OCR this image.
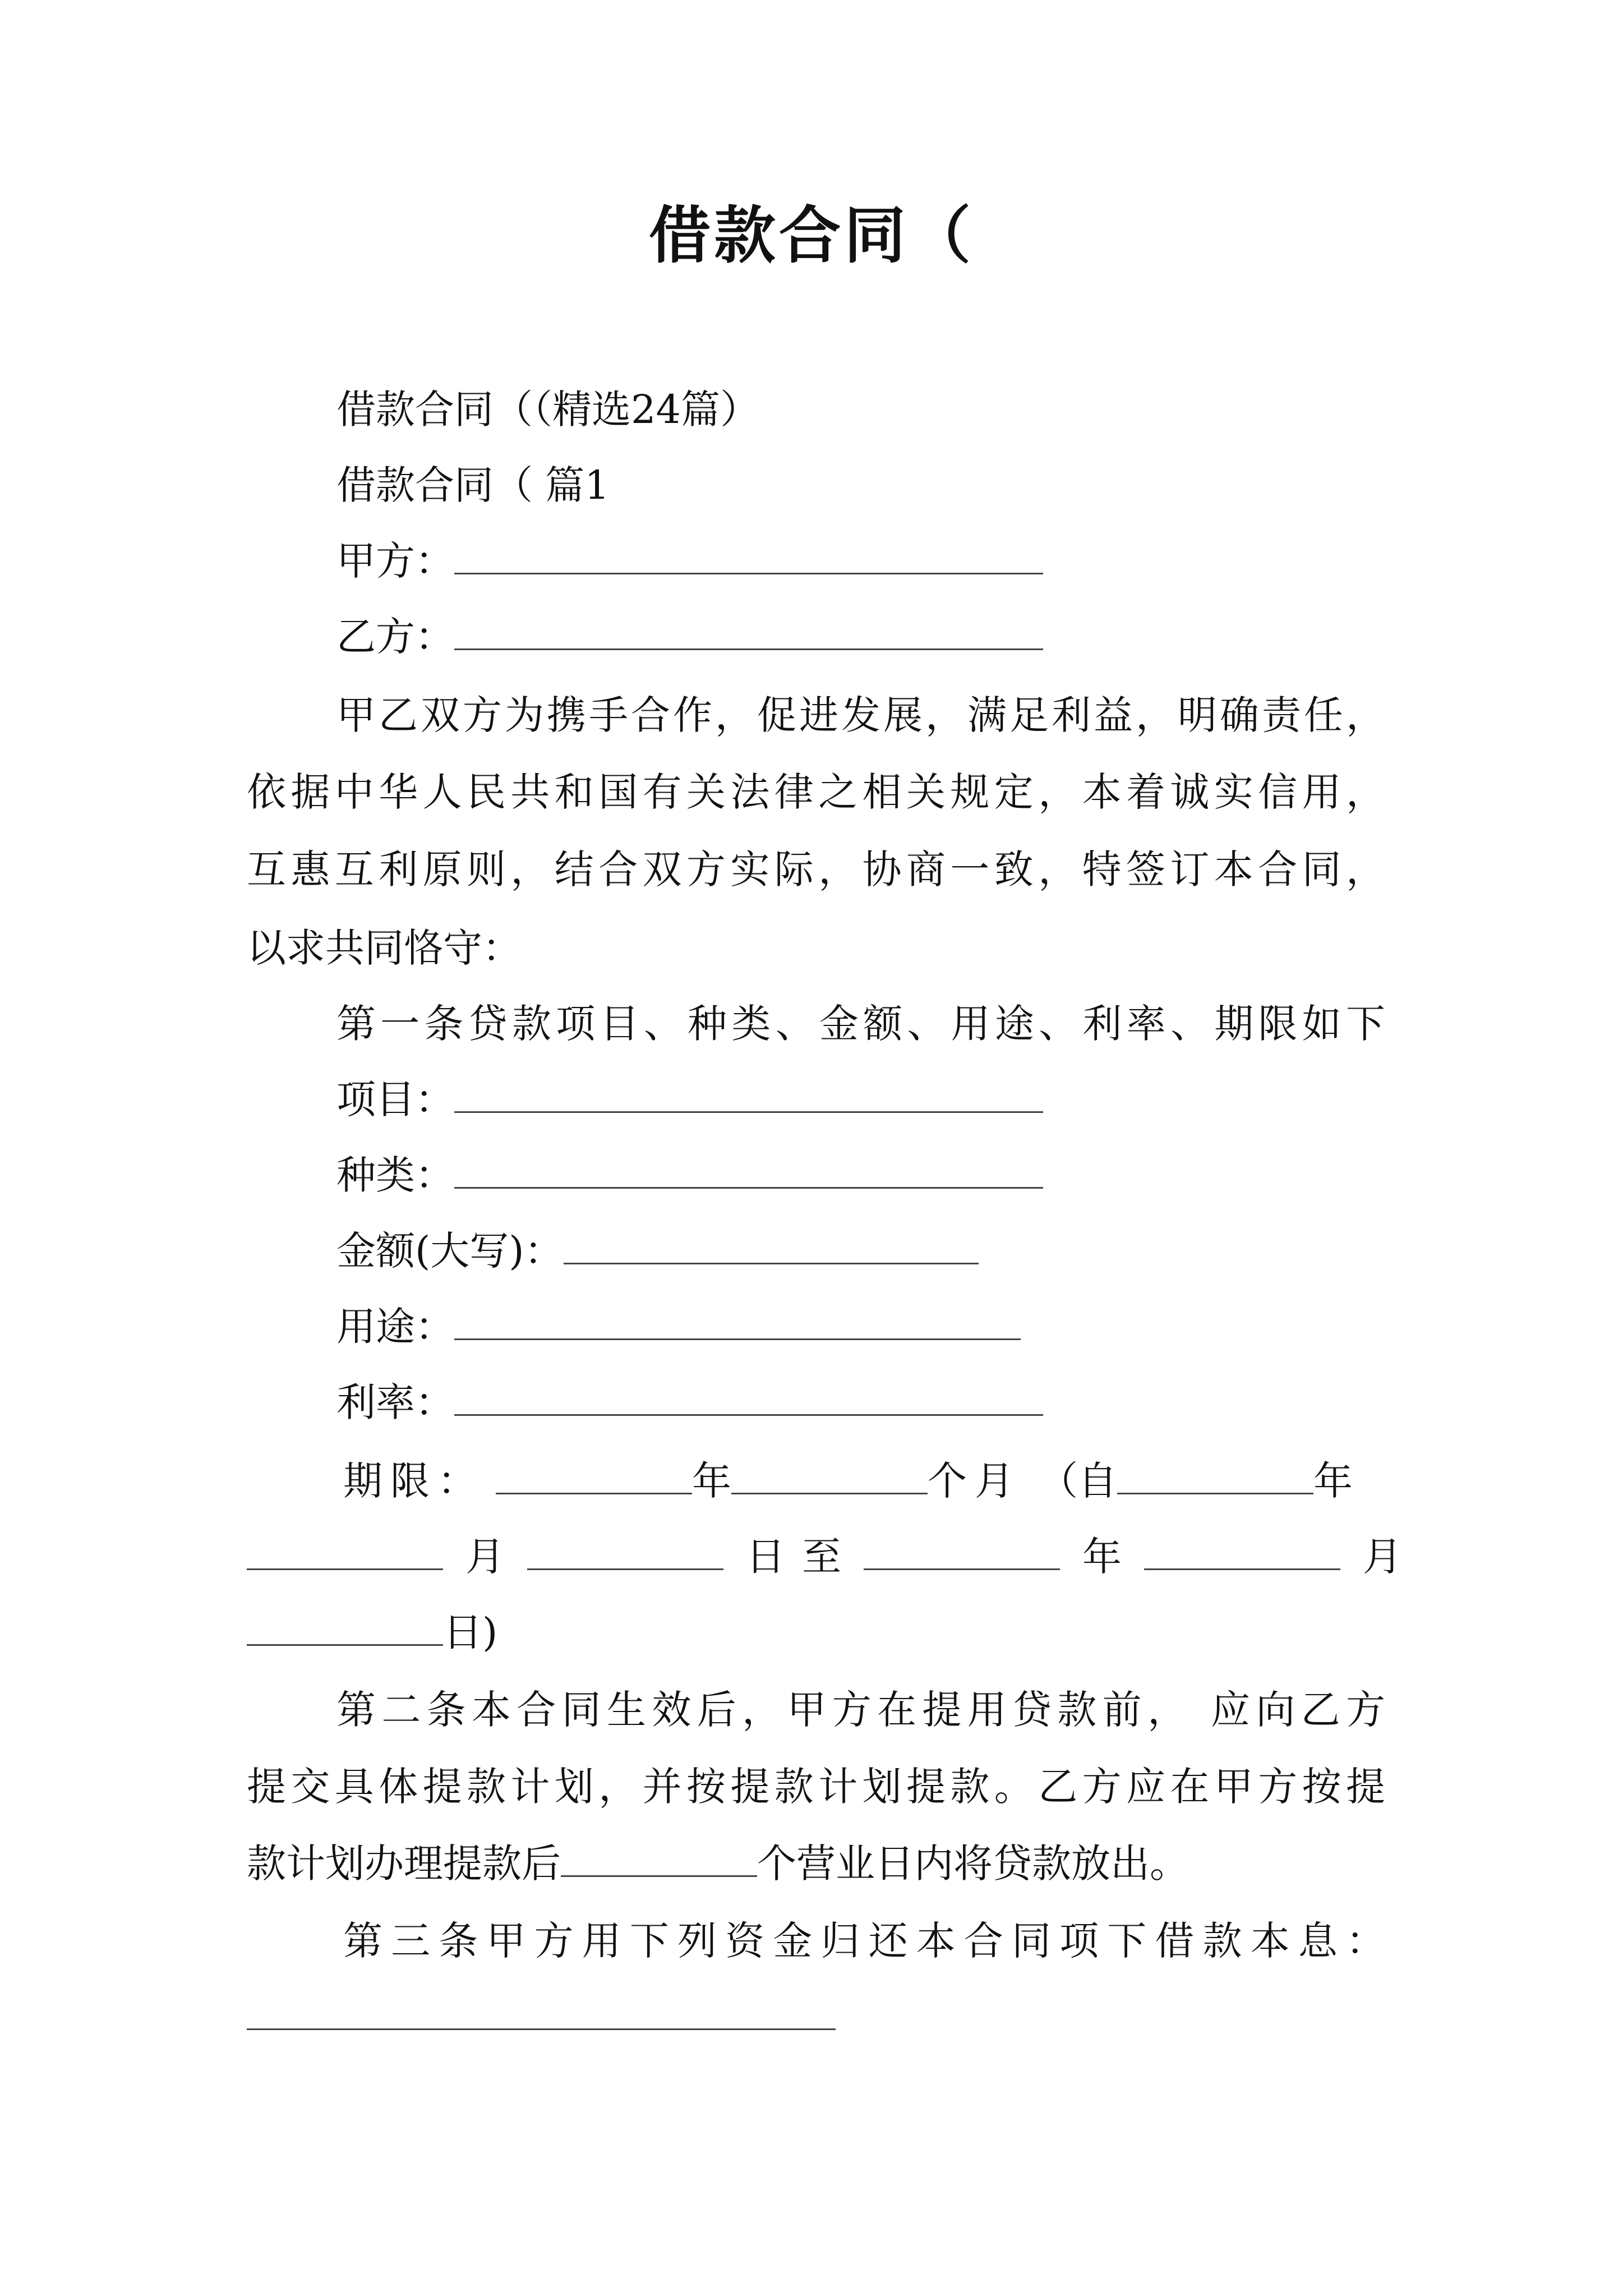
借款合同（
借款合同（（精选24篇）
借款合同（ 篇1
甲方：
乙方：
甲乙双方为携手合作，促进发展，满足利益，明确责任，
依据中华人民共和国有关法律之相关规定，本着诚实信用，
互惠互利原则，结合双方实际，协商一致，特签订本合同，
以求共同恪守：
第一条贷款项目、种类、金额、用途、利率、期限如下
项目：
种类：
金额(大写)：
用途：
利率：
期限：	年	个月 （自	年
月	日 至	年	月
日)
第二条本合同生效后，甲方在提用贷款前， 应向乙方
提交具体提款计划，并按提款计划提款。乙方应在甲方按提
款计划办理提款后	个营业日内将贷款放出。
第三条甲方用下列资金归还本合同项下借款本息：
